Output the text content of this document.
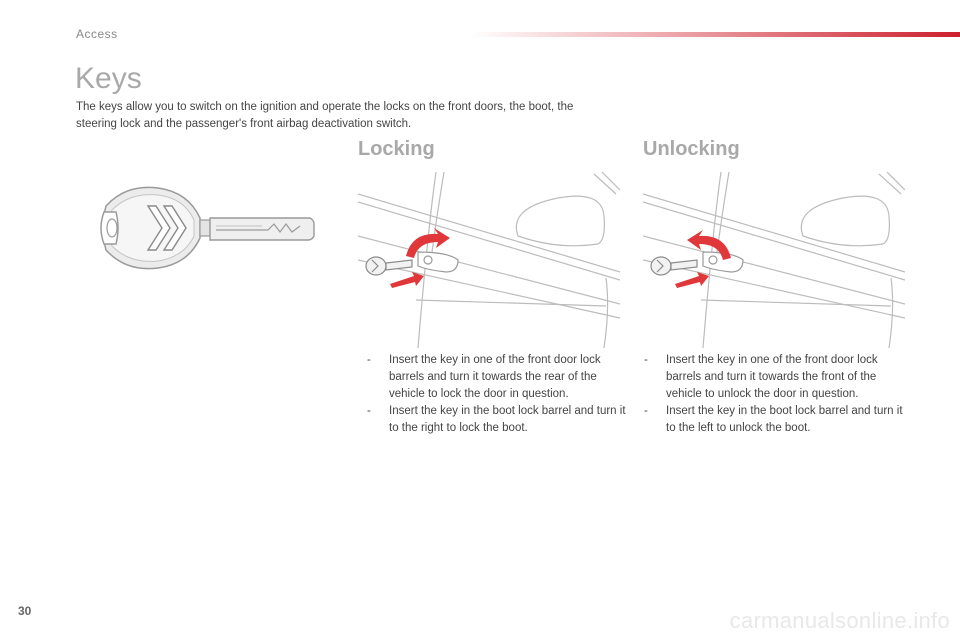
Access
Keys

The keys allow you to switch on the ignition and operate the locks on the front doors, the boot, the steering lock and the passenger's front airbag deactivation switch.

Locking
- Insert the key in one of the front door lock barrels and turn it towards the rear of the vehicle to lock the door in question.
- Insert the key in the boot lock barrel and turn it to the right to lock the boot.
Unlocking
- Insert the key in one of the front door lock barrels and turn it towards the front of the vehicle to unlock the door in question.
- Insert the key in the boot lock barrel and turn it to the left to unlock the boot.
30	carmanualsonline.info
